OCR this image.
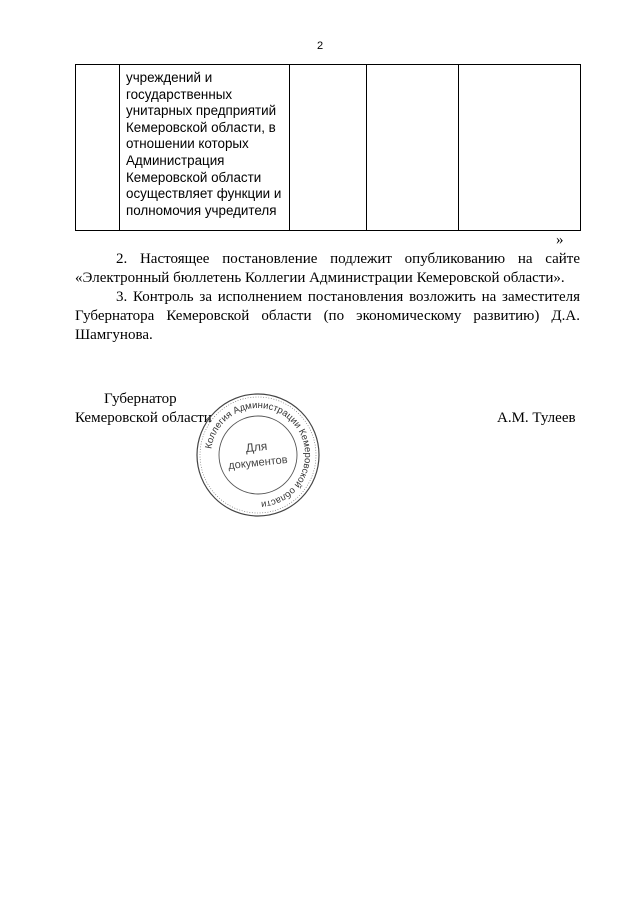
2

учреждений и
государственных
унитарных предприятий
Кемеровской области, в
отношении которых
Администрация
Кемеровской области
осуществляет функции и
полномочия учредителя

»
2. Настоящее постановление подлежит опубликованию на сайте «Электронный бюллетень Коллегии Администрации Кемеровской области».
3. Контроль за исполнением постановления возложить на заместителя Губернатора Кемеровской области (по экономическому развитию) Д.А. Шамгунова.
Губернатор
Кемеровской области	А.М. Тулеев
Коллегия Администрации Кемеровской области
Для
документов
